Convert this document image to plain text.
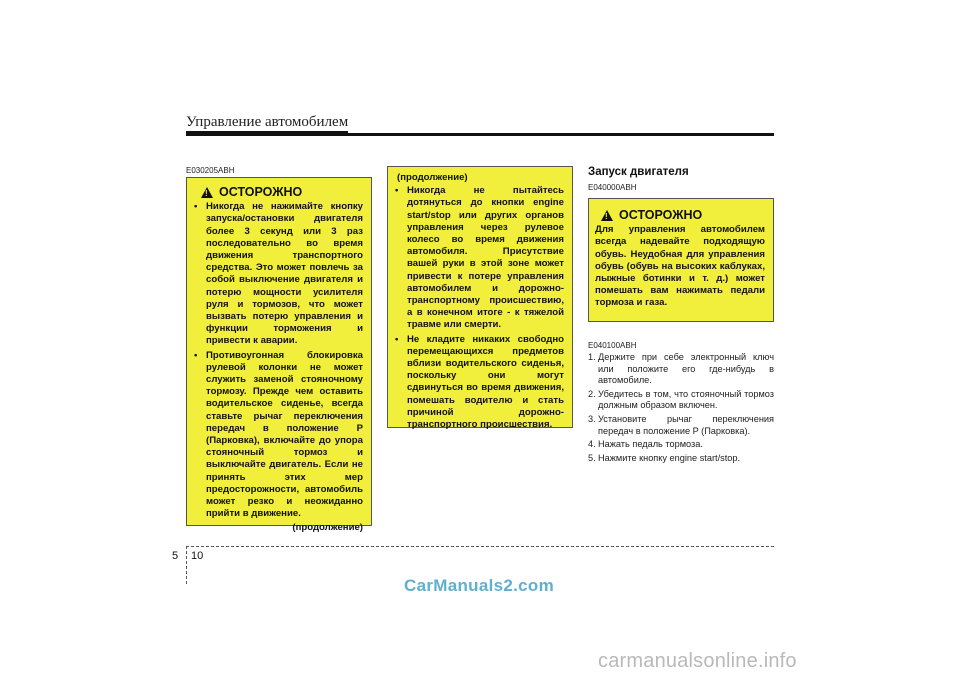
Управление автомобилем
E030205ABH
!
ОСТОРОЖНО
• Никогда не нажимайте кнопку запуска/остановки двигателя более 3 секунд или 3 раз последовательно во время движения транспортного средства. Это может повлечь за собой выключение двигателя и потерю мощности усилителя руля и тормозов, что может вызвать потерю управления и функции торможения и привести к аварии.
• Противоугонная блокировка рулевой колонки не может служить заменой стояночному тормозу. Прежде чем оставить водительское сиденье, всегда ставьте рычаг переключения передач в положение P (Парковка), включайте до упора стояночный тормоз и выключайте двигатель. Если не принять этих мер предосторожности, автомобиль может резко и неожиданно прийти в движение.
(продолжение)
(продолжение)
• Никогда не пытайтесь дотянуться до кнопки engine start/stop или других органов управления через рулевое колесо во время движения автомобиля. Присутствие вашей руки в этой зоне может привести к потере управления автомобилем и дорожно-транспортному происшествию, а в конечном итоге - к тяжелой травме или смерти.
• Не кладите никаких свободно перемещающихся предметов вблизи водительского сиденья, поскольку они могут сдвинуться во время движения, помешать водителю и стать причиной дорожно-транспортного происшествия.
Запуск двигателя
E040000ABH
!
ОСТОРОЖНО
Для управления автомобилем всегда надевайте подходящую обувь. Неудобная для управления обувь (обувь на высоких каблуках, лыжные ботинки и т. д.) может помешать вам нажимать педали тормоза и газа.
E040100ABH
1. Держите при себе электронный ключ или положите его где-нибудь в автомобиле.
2. Убедитесь в том, что стояночный тормоз должным образом включен.
3. Установите рычаг переключения передач в положение P (Парковка).
4. Нажать педаль тормоза.
5. Нажмите кнопку engine start/stop.
5 10
CarManuals2.com
carmanualsonline.info
